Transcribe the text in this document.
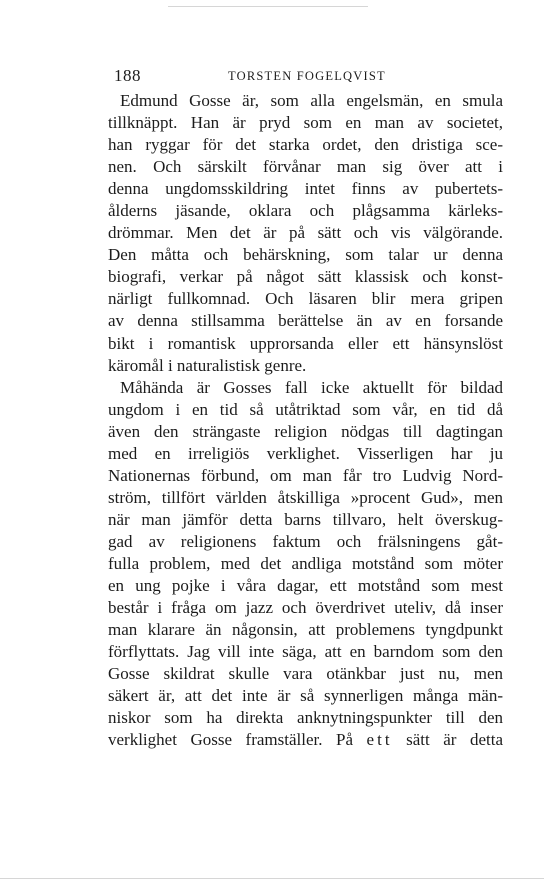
188	TORSTEN FOGELQVIST
Edmund Gosse är, som alla engelsmän, en smula
tillknäppt. Han är pryd som en man av societet,
han ryggar för det starka ordet, den dristiga sce-
nen. Och särskilt förvånar man sig över att i
denna ungdomsskildring intet finns av pubertets-
ålderns jäsande, oklara och plågsamma kärleks-
drömmar. Men det är på sätt och vis välgörande.
Den måtta och behärskning, som talar ur denna
biografi, verkar på något sätt klassisk och konst-
närligt fullkomnad. Och läsaren blir mera gripen
av denna stillsamma berättelse än av en forsande
bikt i romantisk upprorsanda eller ett hänsynslöst
käromål i naturalistisk genre.
Måhända är Gosses fall icke aktuellt för bildad
ungdom i en tid så utåtriktad som vår, en tid då
även den strängaste religion nödgas till dagtingan
med en irreligiös verklighet. Visserligen har ju
Nationernas förbund, om man får tro Ludvig Nord-
ström, tillfört världen åtskilliga »procent Gud», men
när man jämför detta barns tillvaro, helt överskug-
gad av religionens faktum och frälsningens gåt-
fulla problem, med det andliga motstånd som möter
en ung pojke i våra dagar, ett motstånd som mest
består i fråga om jazz och överdrivet uteliv, då inser
man klarare än någonsin, att problemens tyngdpunkt
förflyttats. Jag vill inte säga, att en barndom som den
Gosse skildrat skulle vara otänkbar just nu, men
säkert är, att det inte är så synnerligen många män-
niskor som ha direkta anknytningspunkter till den
verklighet Gosse framställer. På ett sätt är detta
